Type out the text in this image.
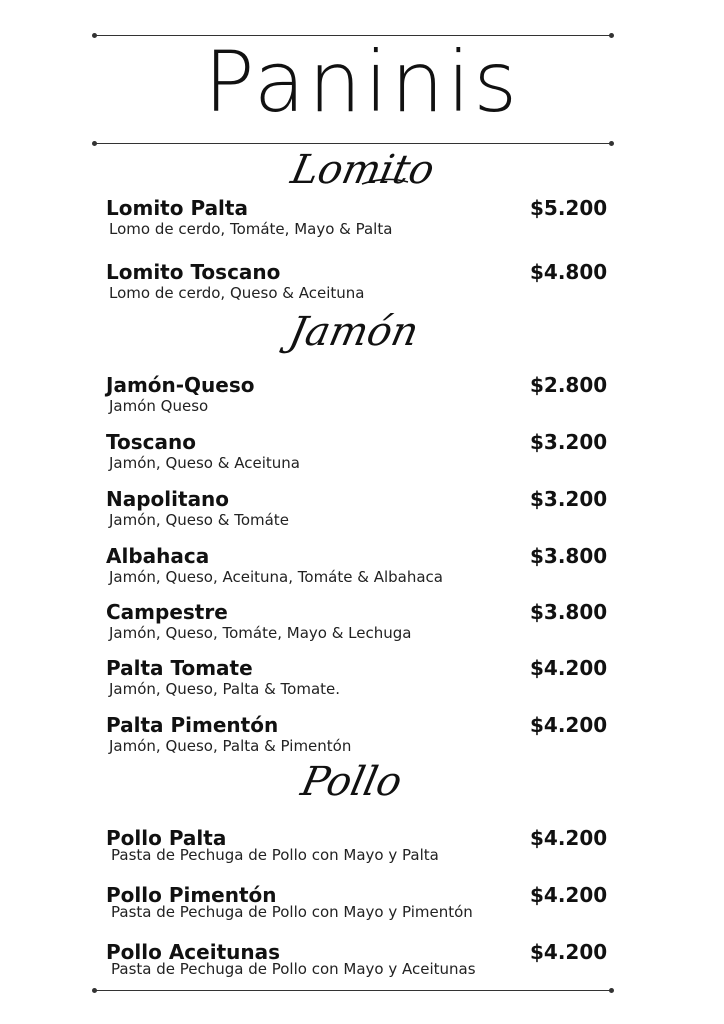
Paninis
Lomito
Lomito Palta	$5.200
Lomo de cerdo, Tomáte, Mayo & Palta
Lomito Toscano	$4.800
Lomo de cerdo, Queso & Aceituna
Jamón
Jamón-Queso	$2.800
Jamón Queso
Toscano	$3.200
Jamón, Queso & Aceituna
Napolitano	$3.200
Jamón, Queso & Tomáte
Albahaca	$3.800
Jamón, Queso, Aceituna, Tomáte & Albahaca
Campestre	$3.800
Jamón, Queso, Tomáte, Mayo & Lechuga
Palta Tomate	$4.200
Jamón, Queso, Palta & Tomate.
Palta Pimentón	$4.200
Jamón, Queso, Palta & Pimentón
Pollo
Pollo Palta	$4.200
Pasta de Pechuga de Pollo con Mayo y Palta
Pollo Pimentón	$4.200
Pasta de Pechuga de Pollo con Mayo y Pimentón
Pollo Aceitunas	$4.200
Pasta de Pechuga de Pollo con Mayo y Aceitunas
